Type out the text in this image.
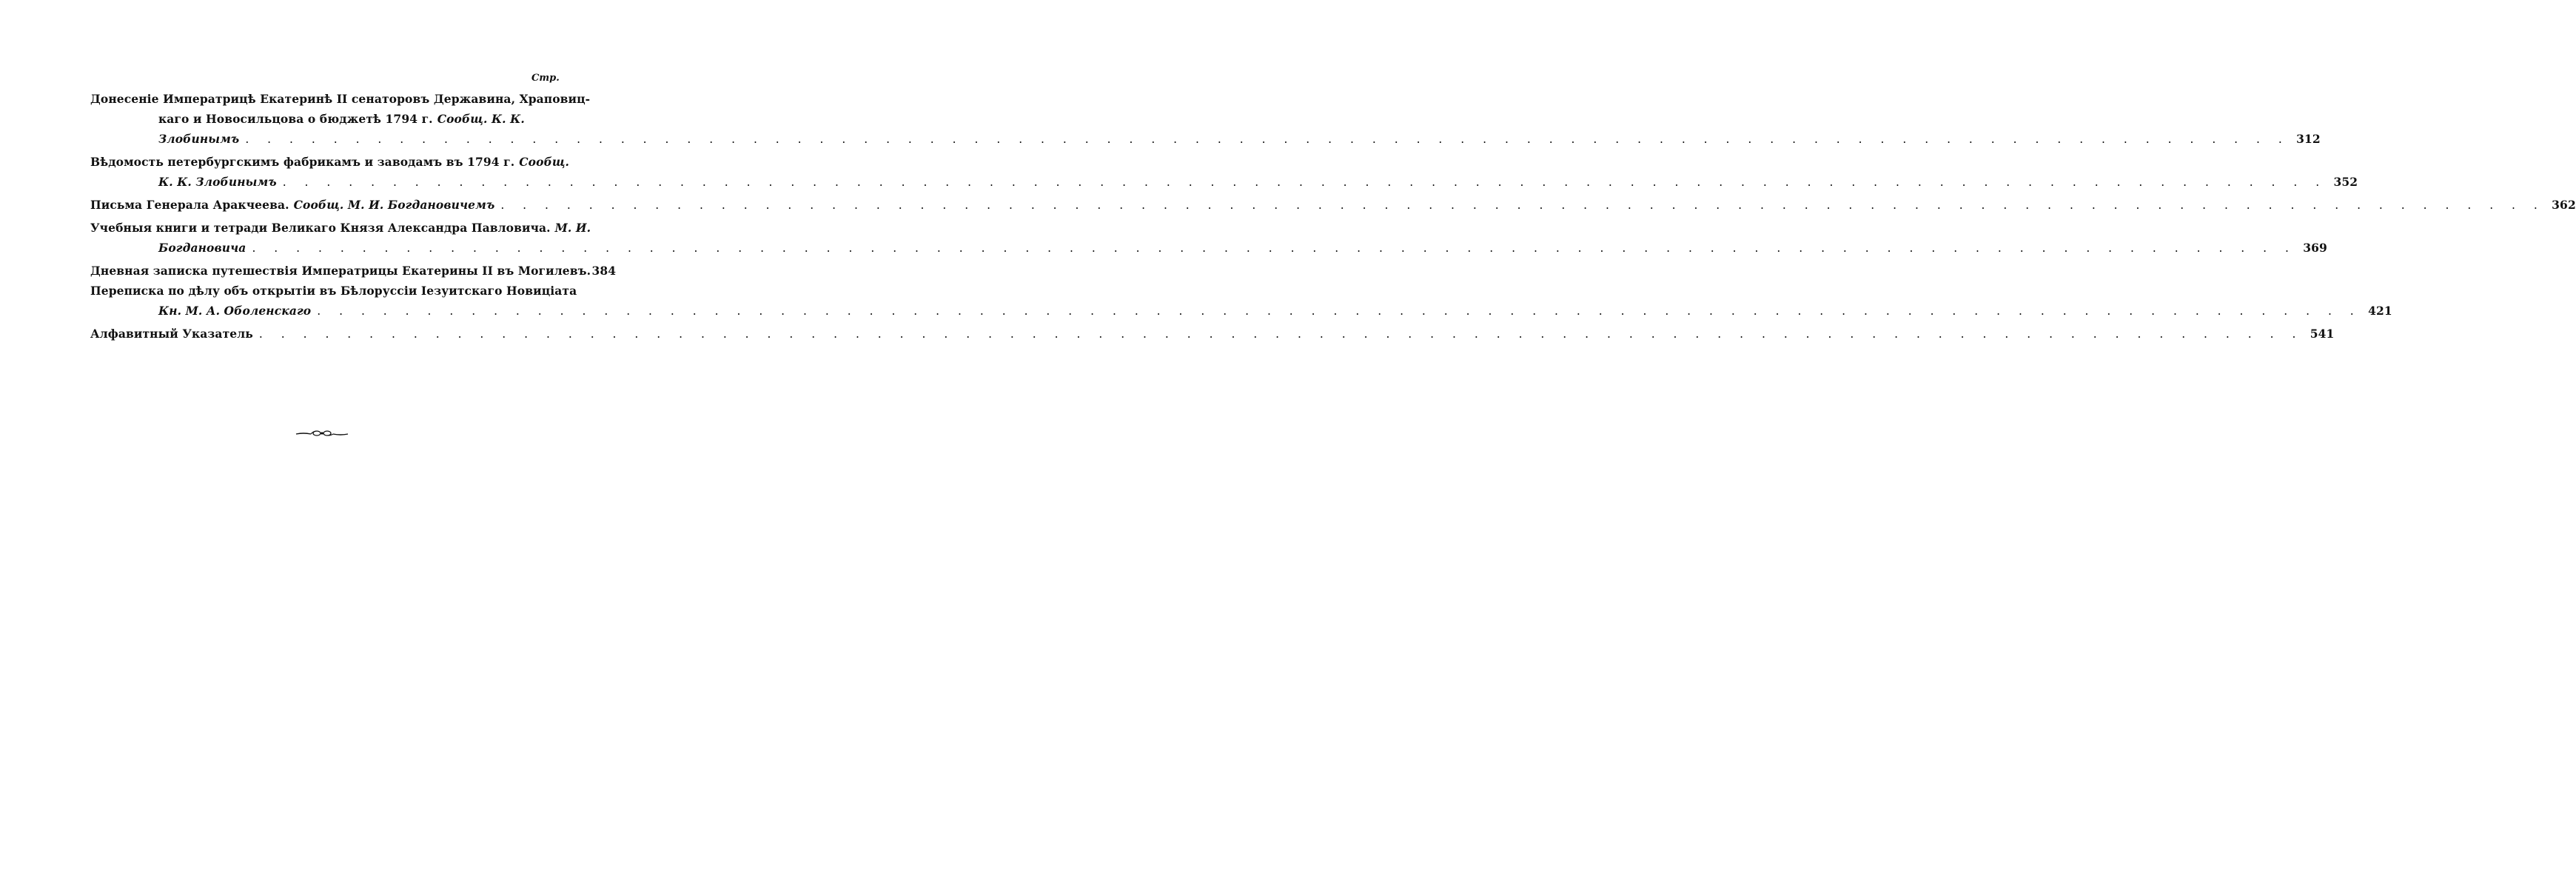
Стр.
Донесеніе Императрицѣ Екатеринѣ II сенаторовъ Державина, Храповиц-
каго и Новосильцова о бюджетѣ 1794 г. Сообщ. К. К.
Злобинымъ . . .	312
Вѣдомость петербургскимъ фабрикамъ и заводамъ въ 1794 г. Сообщ.
К. К. Злобинымъ . . .	352
Письма Генерала Аракчеева. Сообщ. М. И. Богдановичемъ . . .	362
Учебныя книги и тетради Великаго Князя Александра Павловича. М. И.
Богдановича . . .	369
Дневная записка путешествія Императрицы Екатерины II въ Могилевъ. 384
Переписка по дѣлу объ открытіи въ Бѣлоруссіи Іезуитскаго Новиціата
Кн. М. А. Оболенскаго . . .	421
Алфавитный Указатель . . .	541
